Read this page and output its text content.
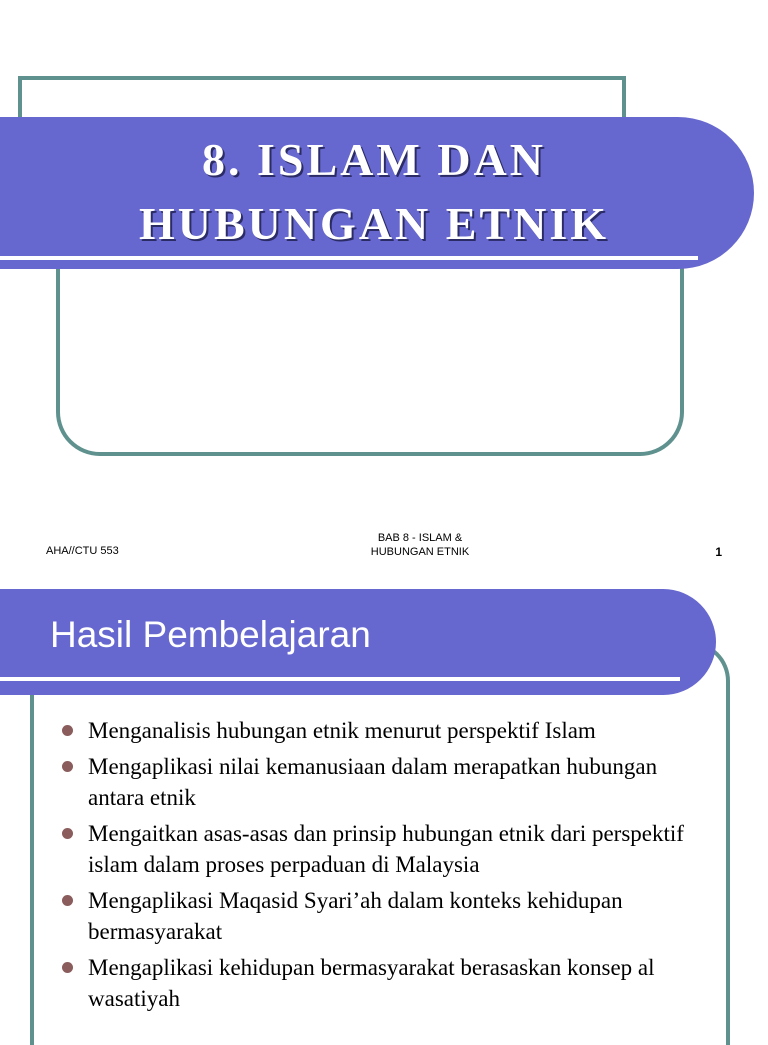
8. ISLAM DAN
HUBUNGAN ETNIK
AHA//CTU 553
BAB 8 - ISLAM &
HUBUNGAN ETNIK	1
Hasil Pembelajaran
Menganalisis hubungan etnik menurut perspektif Islam
Mengaplikasi nilai kemanusiaan dalam merapatkan hubungan antara etnik
Mengaitkan asas-asas dan prinsip hubungan etnik dari perspektif islam dalam proses perpaduan di Malaysia
Mengaplikasi Maqasid Syari’ah dalam konteks kehidupan bermasyarakat
Mengaplikasi kehidupan bermasyarakat berasaskan konsep al wasatiyah
